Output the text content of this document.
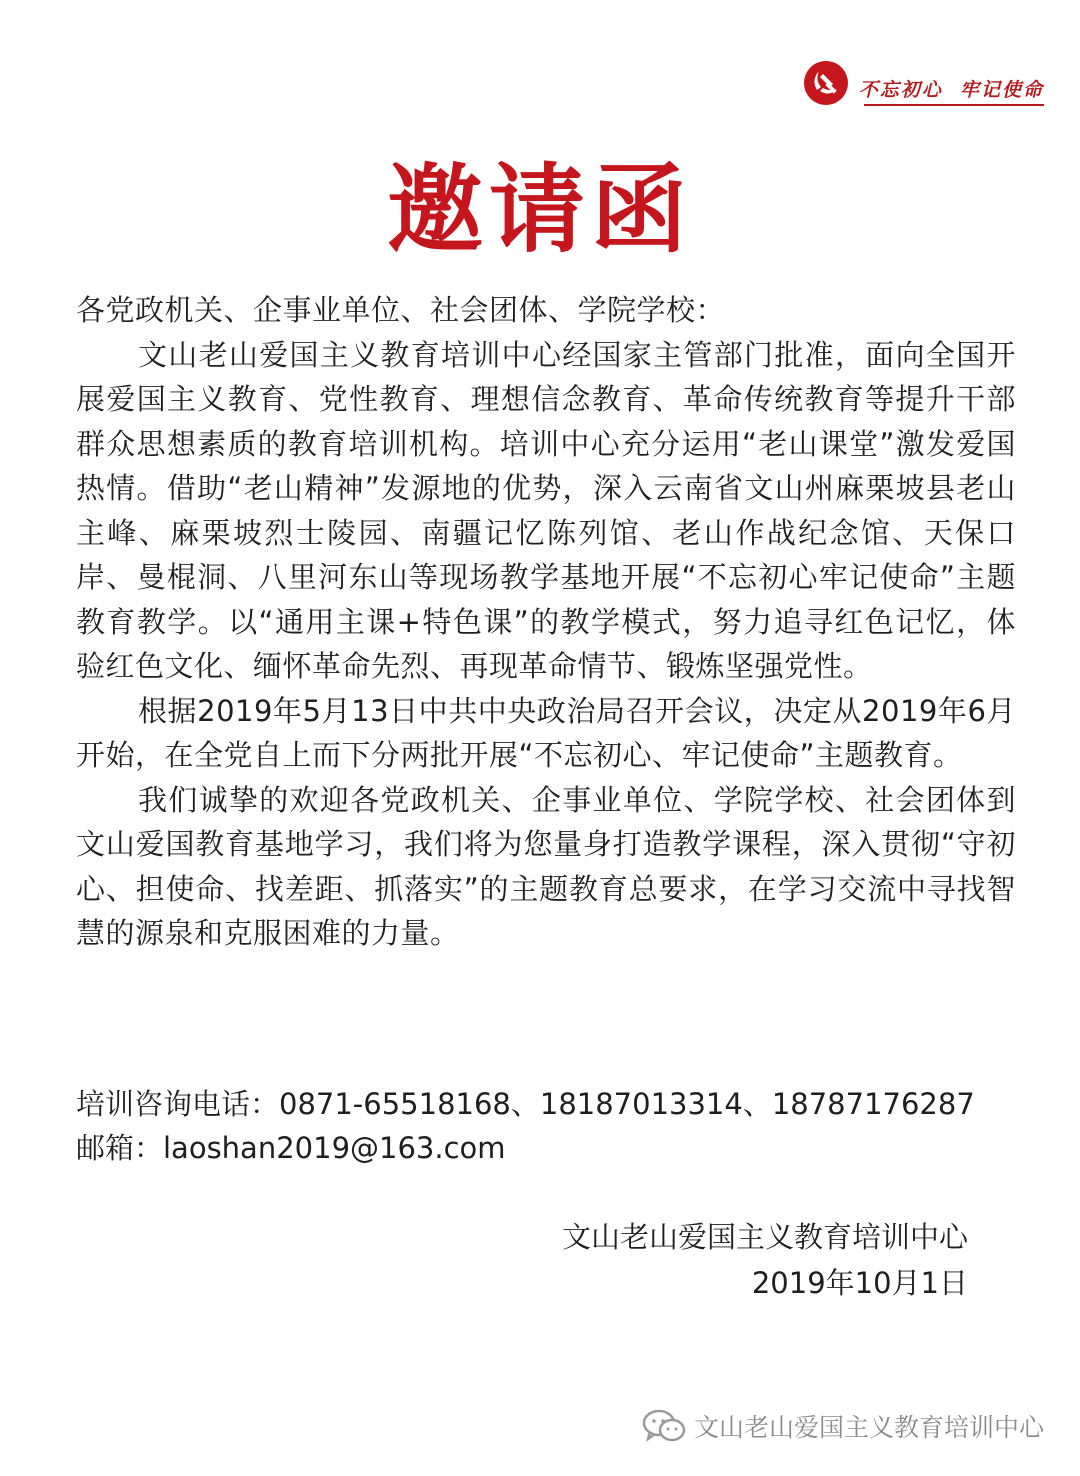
不忘初心  牢记使命
邀请函

各党政机关、企事业单位、社会团体、学院学校：

文山老山爱国主义教育培训中心经国家主管部门批准，面向全国开展爱国主义教育、党性教育、理想信念教育、革命传统教育等提升干部群众思想素质的教育培训机构。培训中心充分运用“老山课堂”激发爱国热情。借助“老山精神”发源地的优势，深入云南省文山州麻栗坡县老山主峰、麻栗坡烈士陵园、南疆记忆陈列馆、老山作战纪念馆、天保口岸、曼棍洞、八里河东山等现场教学基地开展“不忘初心牢记使命”主题教育教学。以“通用主课+特色课”的教学模式，努力追寻红色记忆，体验红色文化、缅怀革命先烈、再现革命情节、锻炼坚强党性。

根据2019年5月13日中共中央政治局召开会议，决定从2019年6月开始，在全党自上而下分两批开展“不忘初心、牢记使命”主题教育。

我们诚挚的欢迎各党政机关、企事业单位、学院学校、社会团体到文山爱国教育基地学习，我们将为您量身打造教学课程，深入贯彻“守初心、担使命、找差距、抓落实”的主题教育总要求，在学习交流中寻找智慧的源泉和克服困难的力量。

培训咨询电话：0871-65518168、18187013314、18787176287

邮箱：laoshan2019@163.com

文山老山爱国主义教育培训中心
2019年10月1日
文山老山爱国主义教育培训中心
